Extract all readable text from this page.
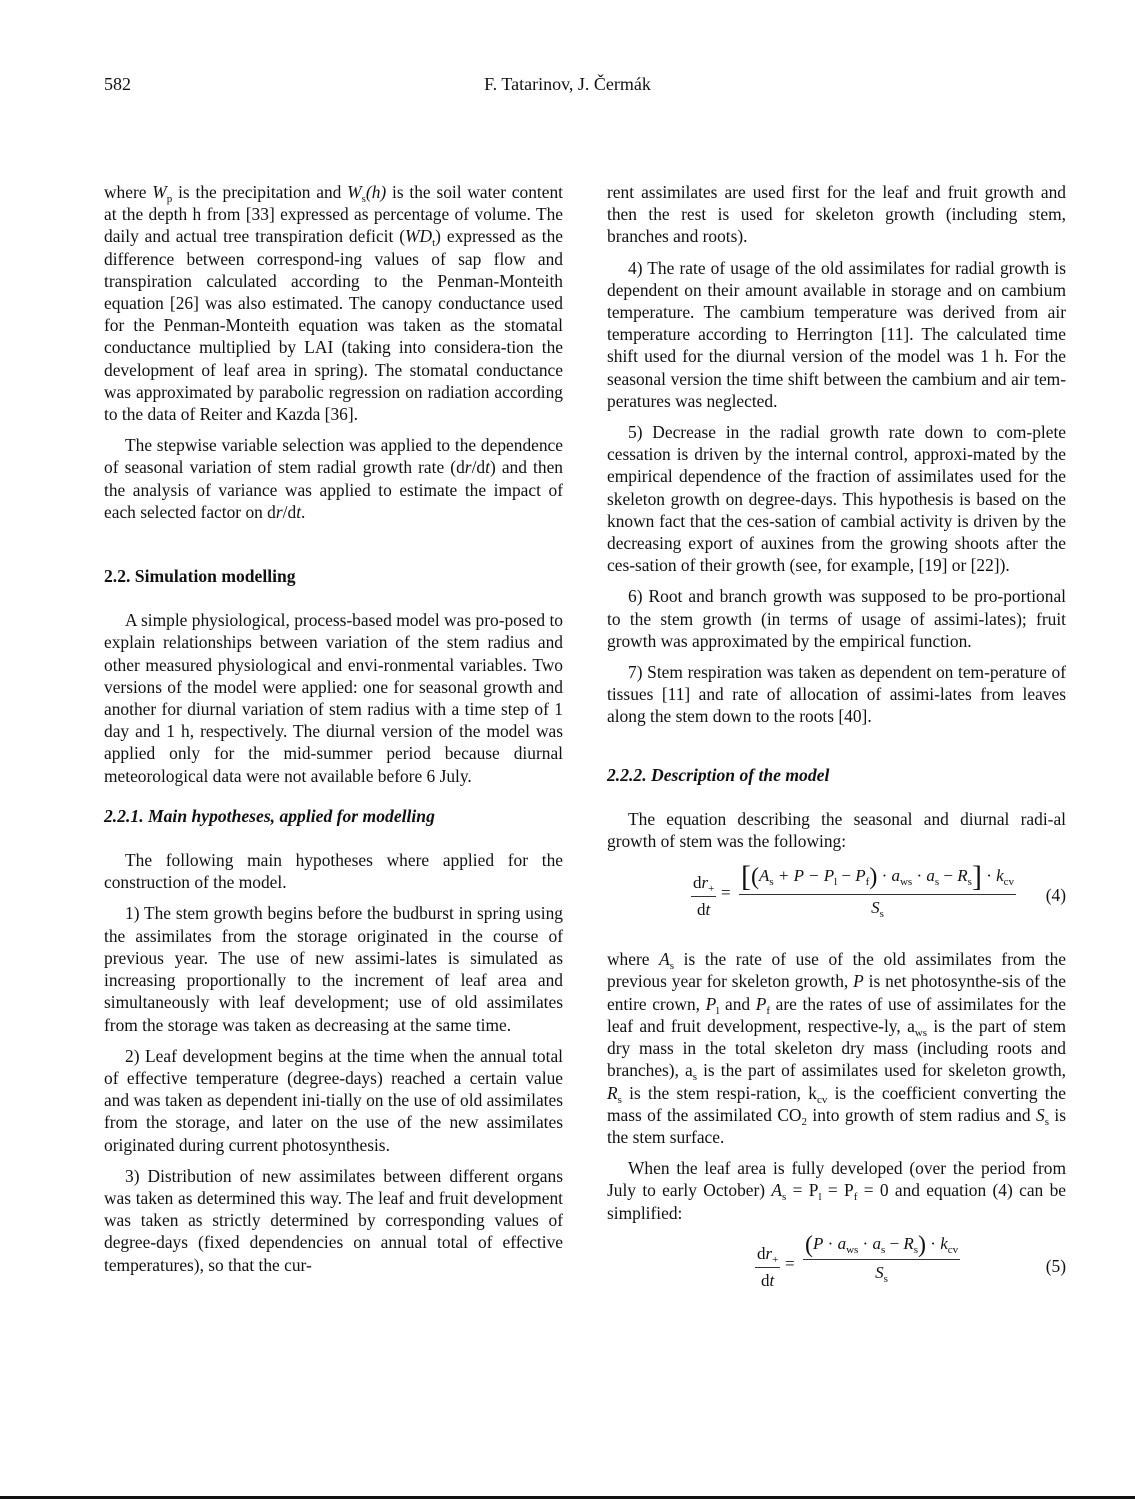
582	F. Tatarinov, J. Čermák

where $W_p$ is the precipitation and $W_s(h)$ is the soil water content at the depth h from [33] expressed as percentage of volume. The daily and actual tree transpiration deficit $(WD_t)$ expressed as the difference between correspond-ing values of sap flow and transpiration calculated according to the Penman-Monteith equation [26] was also estimated. The canopy conductance used for the Penman-Monteith equation was taken as the stomatal conductance multiplied by LAI (taking into considera-tion the development of leaf area in spring). The stomatal conductance was approximated by parabolic regression on radiation according to the data of Reiter and Kazda [36].

The stepwise variable selection was applied to the dependence of seasonal variation of stem radial growth rate (dr/dt) and then the analysis of variance was applied to estimate the impact of each selected factor on dr/dt.

2.2. Simulation modelling

A simple physiological, process-based model was pro-posed to explain relationships between variation of the stem radius and other measured physiological and envi-ronmental variables. Two versions of the model were applied: one for seasonal growth and another for diurnal variation of stem radius with a time step of 1 day and 1 h, respectively. The diurnal version of the model was applied only for the mid-summer period because diurnal meteorological data were not available before 6 July.

2.2.1. Main hypotheses, applied for modelling

The following main hypotheses where applied for the construction of the model.

1) The stem growth begins before the budburst in spring using the assimilates from the storage originated in the course of previous year. The use of new assimi-lates is simulated as increasing proportionally to the increment of leaf area and simultaneously with leaf development; use of old assimilates from the storage was taken as decreasing at the same time.

2) Leaf development begins at the time when the annual total of effective temperature (degree-days) reached a certain value and was taken as dependent ini-tially on the use of old assimilates from the storage, and later on the use of the new assimilates originated during current photosynthesis.

3) Distribution of new assimilates between different organs was taken as determined this way. The leaf and fruit development was taken as strictly determined by corresponding values of degree-days (fixed dependencies on annual total of effective temperatures), so that the cur-

rent assimilates are used first for the leaf and fruit growth and then the rest is used for skeleton growth (including stem, branches and roots).

4) The rate of usage of the old assimilates for radial growth is dependent on their amount available in storage and on cambium temperature. The cambium temperature was derived from air temperature according to Herrington [11]. The calculated time shift used for the diurnal version of the model was 1 h. For the seasonal version the time shift between the cambium and air tem-peratures was neglected.

5) Decrease in the radial growth rate down to com-plete cessation is driven by the internal control, approxi-mated by the empirical dependence of the fraction of assimilates used for the skeleton growth on degree-days. This hypothesis is based on the known fact that the ces-sation of cambial activity is driven by the decreasing export of auxines from the growing shoots after the ces-sation of their growth (see, for example, [19] or [22]).

6) Root and branch growth was supposed to be pro-portional to the stem growth (in terms of usage of assimi-lates); fruit growth was approximated by the empirical function.

7) Stem respiration was taken as dependent on tem-perature of tissues [11] and rate of allocation of assimi-lates from leaves along the stem down to the roots [40].

2.2.2. Description of the model

The equation describing the seasonal and diurnal radi-al growth of stem was the following:

$\frac{dr_+}{dt} = [(A_s + P - P_l - P_f) \cdot a_{ws} \cdot a_s - R_s] \cdot k_{cv}$
$S_s$
(4)

where $A_s$ is the rate of use of the old assimilates from the previous year for skeleton growth, P is net photosynthe-sis of the entire crown, $P_l$ and $P_f$ are the rates of use of assimilates for the leaf and fruit development, respective-ly, $a_{ws}$ is the part of stem dry mass in the total skeleton dry mass (including roots and branches), $a_s$ is the part of assimilates used for skeleton growth, $R_s$ is the stem respi-ration, $k_{cv}$ is the coefficient converting the mass of the assimilated $CO_2$ into growth of stem radius and $S_s$ is the stem surface.

When the leaf area is fully developed (over the period from July to early October) $A_s = P_l = P_f = 0$ and equation (4) can be simplified:

$\frac{dr_+}{dt}$ =
$(P \cdot a_{ws} \cdot a_s - R_s) \cdot k_{cv}$
$S_s$
(5)
